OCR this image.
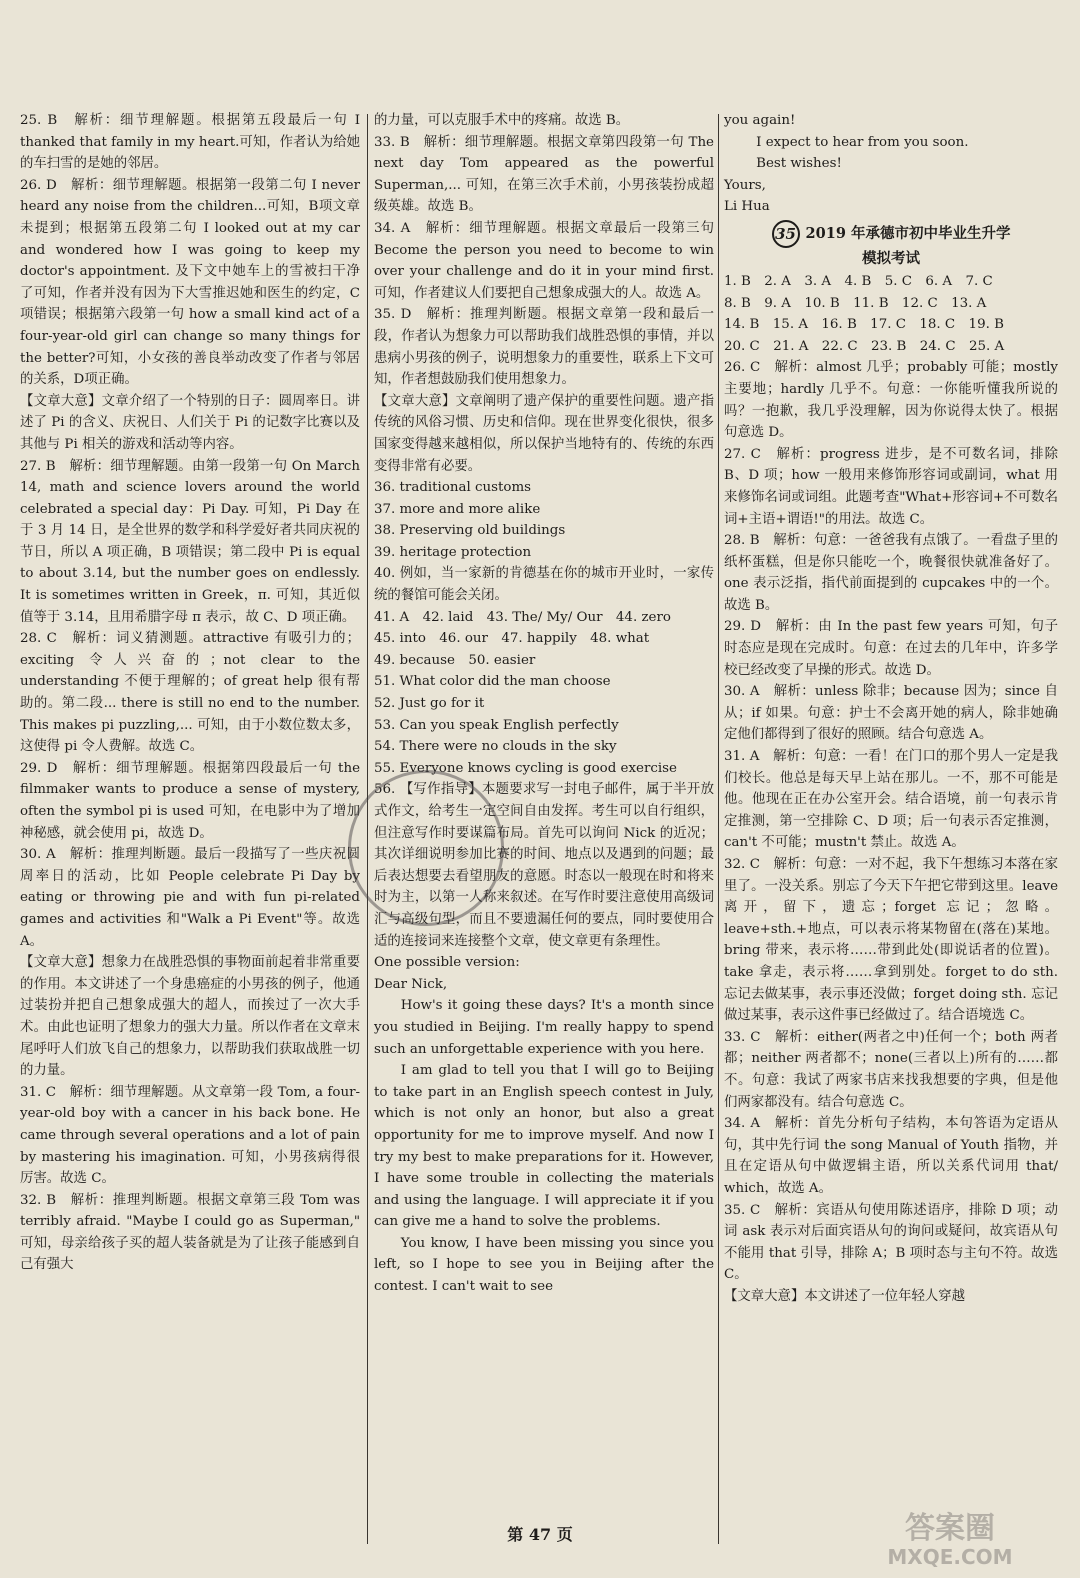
25. B　解析：细节理解题。根据第五段最后一句 I thanked that family in my heart.可知，作者认为给她的车扫雪的是她的邻居。

26. D　解析：细节理解题。根据第一段第二句 I never heard any noise from the children...可知，B项文章未提到；根据第五段第二句 I looked out at my car and wondered how I was going to keep my doctor's appointment. 及下文中她车上的雪被扫干净了可知，作者并没有因为下大雪推迟她和医生的约定，C项错误；根据第六段第一句 how a small kind act of a four-year-old girl can change so many things for the better?可知，小女孩的善良举动改变了作者与邻居的关系，D项正确。

【文章大意】文章介绍了一个特别的日子：圆周率日。讲述了 Pi 的含义、庆祝日、人们关于 Pi 的记数字比赛以及其他与 Pi 相关的游戏和活动等内容。

27. B　解析：细节理解题。由第一段第一句 On March 14, math and science lovers around the world celebrated a special day：Pi Day. 可知，Pi Day 在于 3 月 14 日，是全世界的数学和科学爱好者共同庆祝的节日，所以 A 项正确，B 项错误；第二段中 Pi is equal to about 3.14, but the number goes on endlessly. It is sometimes written in Greek，π. 可知，其近似值等于 3.14，且用希腊字母 π 表示，故 C、D 项正确。

28. C　解析：词义猜测题。attractive 有吸引力的；exciting 令人兴奋的；not clear to the understanding 不便于理解的；of great help 很有帮助的。第二段... there is still no end to the number. This makes pi puzzling,... 可知，由于小数位数太多，这使得 pi 令人费解。故选 C。

29. D　解析：细节理解题。根据第四段最后一句 the filmmaker wants to produce a sense of mystery, often the symbol pi is used 可知，在电影中为了增加神秘感，就会使用 pi，故选 D。

30. A　解析：推理判断题。最后一段描写了一些庆祝圆周率日的活动，比如 People celebrate Pi Day by eating or throwing pie and with fun pi-related games and activities 和"Walk a Pi Event"等。故选 A。

【文章大意】想象力在战胜恐惧的事物面前起着非常重要的作用。本文讲述了一个身患癌症的小男孩的例子，他通过装扮并把自己想象成强大的超人，而挨过了一次大手术。由此也证明了想象力的强大力量。所以作者在文章末尾呼吁人们放飞自己的想象力，以帮助我们获取战胜一切的力量。

31. C　解析：细节理解题。从文章第一段 Tom, a four-year-old boy with a cancer in his back bone. He came through several operations and a lot of pain by mastering his imagination. 可知，小男孩病得很厉害。故选 C。

32. B　解析：推理判断题。根据文章第三段 Tom was terribly afraid. "Maybe I could go as Superman," 可知，母亲给孩子买的超人装备就是为了让孩子能感到自己有强大

的力量，可以克服手术中的疼痛。故选 B。

33. B　解析：细节理解题。根据文章第四段第一句 The next day Tom appeared as the powerful Superman,... 可知，在第三次手术前，小男孩装扮成超级英雄。故选 B。

34. A　解析：细节理解题。根据文章最后一段第三句 Become the person you need to become to win over your challenge and do it in your mind first. 可知，作者建议人们要把自己想象成强大的人。故选 A。

35. D　解析：推理判断题。根据文章第一段和最后一段，作者认为想象力可以帮助我们战胜恐惧的事情，并以患病小男孩的例子，说明想象力的重要性，联系上下文可知，作者想鼓励我们使用想象力。

【文章大意】文章阐明了遗产保护的重要性问题。遗产指传统的风俗习惯、历史和信仰。现在世界变化很快，很多国家变得越来越相似，所以保护当地特有的、传统的东西变得非常有必要。

36. traditional customs

37. more and more alike

38. Preserving old buildings

39. heritage protection

40. 例如，当一家新的肯德基在你的城市开业时，一家传统的餐馆可能会关闭。

41. A　42. laid　43. The/ My/ Our　44. zero

45. into　46. our　47. happily　48. what

49. because　50. easier

51. What color did the man choose

52. Just go for it

53. Can you speak English perfectly

54. There were no clouds in the sky

55. Everyone knows cycling is good exercise

56. 【写作指导】本题要求写一封电子邮件，属于半开放式作文，给考生一定空间自由发挥。考生可以自行组织，但注意写作时要谋篇布局。首先可以询问 Nick 的近况；其次详细说明参加比赛的时间、地点以及遇到的问题；最后表达想要去看望朋友的意愿。时态以一般现在时和将来时为主，以第一人称来叙述。在写作时要注意使用高级词汇与高级句型，而且不要遗漏任何的要点，同时要使用合适的连接词来连接整个文章，使文章更有条理性。

One possible version:

Dear Nick,

How's it going these days? It's a month since you studied in Beijing. I'm really happy to spend such an unforgettable experience with you here.

I am glad to tell you that I will go to Beijing to take part in an English speech contest in July, which is not only an honor, but also a great opportunity for me to improve myself. And now I try my best to make preparations for it. However, I have some trouble in collecting the materials and using the language. I will appreciate it if you can give me a hand to solve the problems.

You know, I have been missing you since you left, so I hope to see you in Beijing after the contest. I can't wait to see

you again!

I expect to hear from you soon.

Best wishes!

Yours,

Li Hua

35 2019 年承德市初中毕业生升学
模拟考试

1. B　2. A　3. A　4. B　5. C　6. A　7. C

8. B　9. A　10. B　11. B　12. C　13. A

14. B　15. A　16. B　17. C　18. C　19. B

20. C　21. A　22. C　23. B　24. C　25. A

26. C　解析：almost 几乎；probably 可能；mostly 主要地；hardly 几乎不。句意：一你能听懂我所说的吗？一抱歉，我几乎没理解，因为你说得太快了。根据句意选 D。

27. C　解析：progress 进步，是不可数名词，排除 B、D 项；how 一般用来修饰形容词或副词，what 用来修饰名词或词组。此题考查"What+形容词+不可数名词+主语+谓语!"的用法。故选 C。

28. B　解析：句意：一爸爸我有点饿了。一看盘子里的纸杯蛋糕，但是你只能吃一个，晚餐很快就准备好了。one 表示泛指，指代前面提到的 cupcakes 中的一个。故选 B。

29. D　解析：由 In the past few years 可知，句子时态应是现在完成时。句意：在过去的几年中，许多学校已经改变了早操的形式。故选 D。

30. A　解析：unless 除非；because 因为；since 自从；if 如果。句意：护士不会离开她的病人，除非她确定他们都得到了很好的照顾。结合句意选 A。

31. A　解析：句意：一看！在门口的那个男人一定是我们校长。他总是每天早上站在那儿。一不，那不可能是他。他现在正在办公室开会。结合语境，前一句表示肯定推测，第一空排除 C、D 项；后一句表示否定推测，can't 不可能；mustn't 禁止。故选 A。

32. C　解析：句意：一对不起，我下午想练习本落在家里了。一没关系。别忘了今天下午把它带到这里。leave 离开，留下，遗忘；forget 忘记；忽略。leave+sth.+地点，可以表示将某物留在(落在)某地。bring 带来，表示将……带到此处(即说话者的位置)。take 拿走，表示将……拿到别处。forget to do sth. 忘记去做某事，表示事还没做；forget doing sth. 忘记做过某事，表示这件事已经做过了。结合语境选 C。

33. C　解析：either(两者之中)任何一个；both 两者都；neither 两者都不；none(三者以上)所有的……都不。句意：我试了两家书店来找我想要的字典，但是他们两家都没有。结合句意选 C。

34. A　解析：首先分析句子结构，本句答语为定语从句，其中先行词 the song Manual of Youth 指物，并且在定语从句中做逻辑主语，所以关系代词用 that/ which，故选 A。

35. C　解析：宾语从句使用陈述语序，排除 D 项；动词 ask 表示对后面宾语从句的询问或疑问，故宾语从句不能用 that 引导，排除 A；B 项时态与主句不符。故选 C。

【文章大意】本文讲述了一位年轻人穿越

第 47 页	答案圈
MXQE.COM
